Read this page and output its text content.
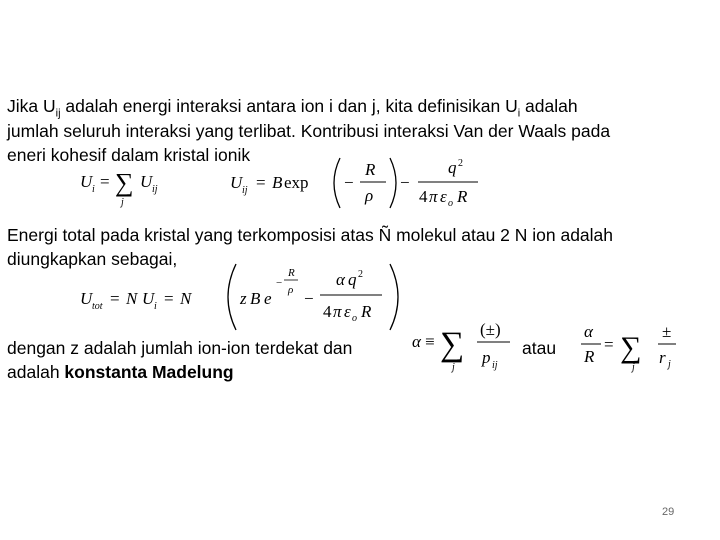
Jika $U_{ij}$ adalah energi interaksi antara ion i dan j, kita definisikan $U_i$ adalah

jumlah seluruh interaksi yang terlibat. Kontribusi interaksi Van der Waals pada

eneri kohesif dalam kristal ionik

U i = ∑ U ij
j
U ij = B exp −
R
ρ
−
q 2
4 π ε o R

Energi total pada kristal yang terkomposisi atas Ñ molekul atau 2 N ion adalah

diungkapkan sebagai,

U tot = N U i = N	z B e
−
R
ρ −
α q 2
4 π ε o R

dengan z adalah jumlah ion-ion terdekat dan

adalah konstanta Madelung

α ≡ ∑
j
(±)
p ij
atau
α
R
= ∑
j
±
r j
29
